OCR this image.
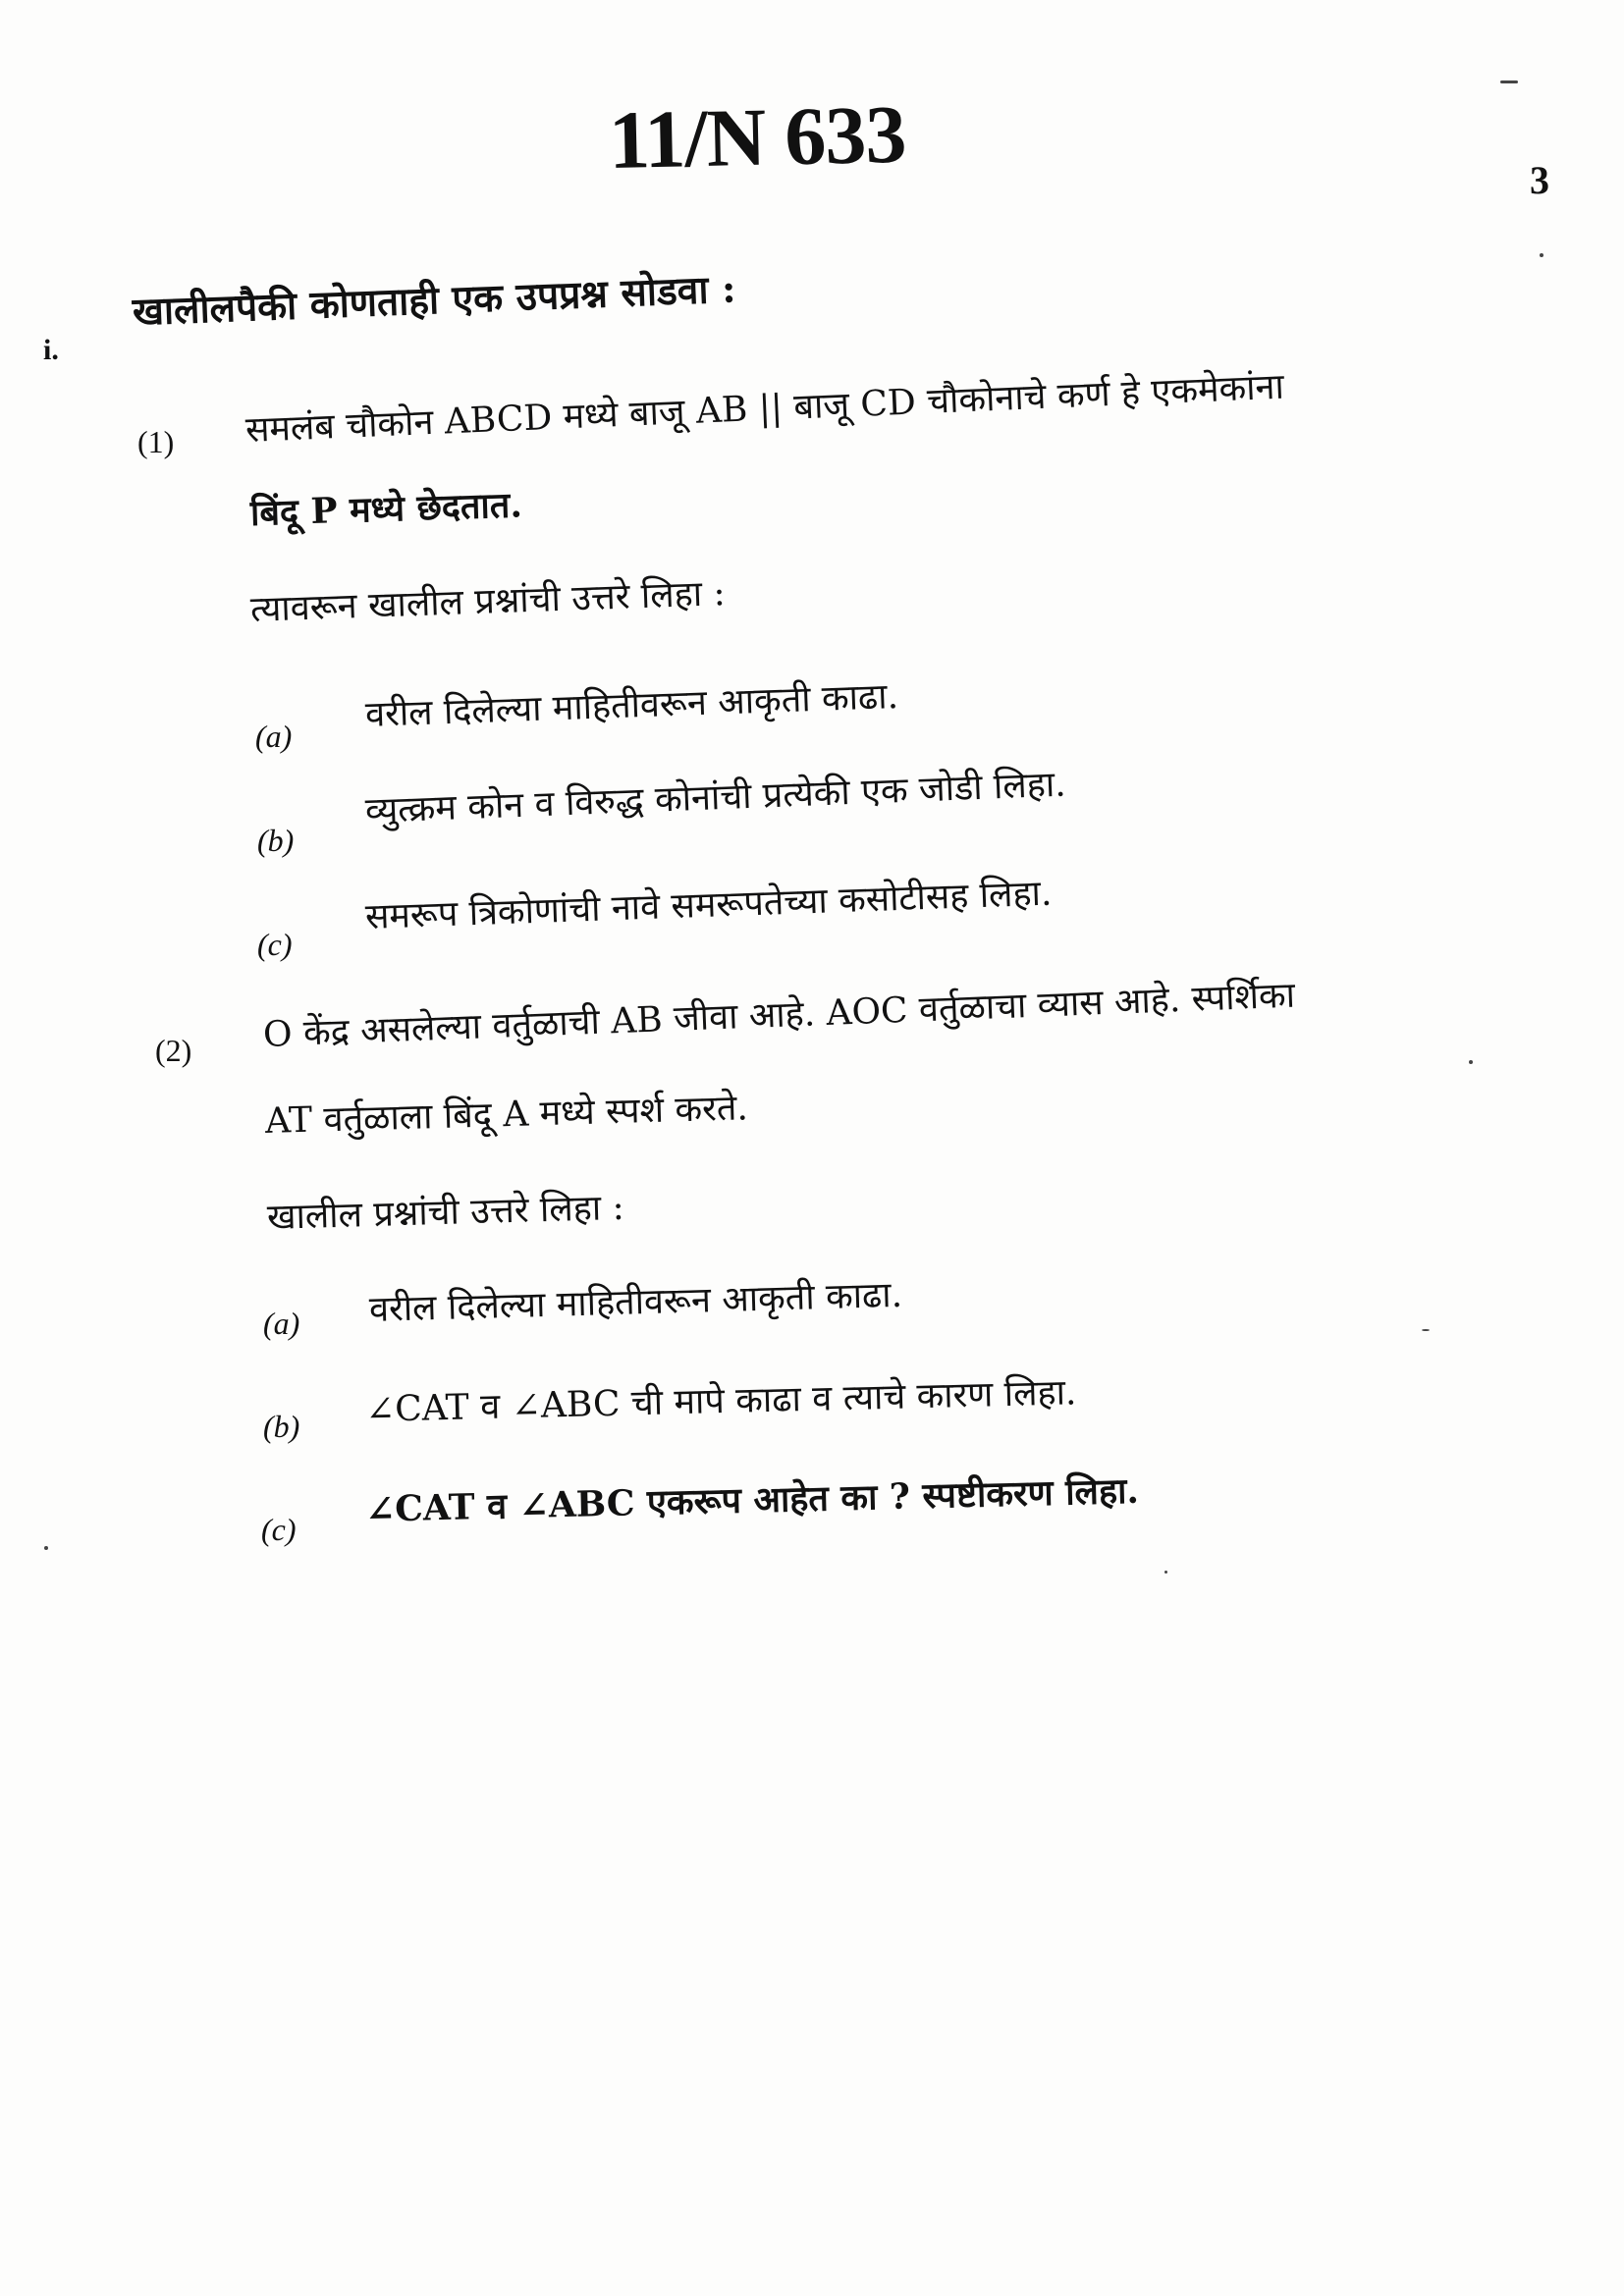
11/N 633	3
i.
खालीलपैकी कोणताही एक उपप्रश्न सोडवा :
(1) समलंब चौकोन ABCD मध्ये बाजू AB || बाजू CD चौकोनाचे कर्ण हे एकमेकांना
बिंदू P मध्ये छेदतात.
त्यावरून खालील प्रश्नांची उत्तरे लिहा :
(a)
वरील दिलेल्या माहितीवरून आकृती काढा.
(b)
व्युत्क्रम कोन व विरुद्ध कोनांची प्रत्येकी एक जोडी लिहा.
(c)
समरूप त्रिकोणांची नावे समरूपतेच्या कसोटीसह लिहा.
(2) O केंद्र असलेल्या वर्तुळाची AB जीवा आहे. AOC वर्तुळाचा व्यास आहे. स्पर्शिका
AT वर्तुळाला बिंदू A मध्ये स्पर्श करते.
खालील प्रश्नांची उत्तरे लिहा :
(a) वरील दिलेल्या माहितीवरून आकृती काढा.
(b) ∠CAT व ∠ABC ची मापे काढा व त्याचे कारण लिहा.
(c) ∠CAT व ∠ABC एकरूप आहेत का ? स्पष्टीकरण लिहा.
